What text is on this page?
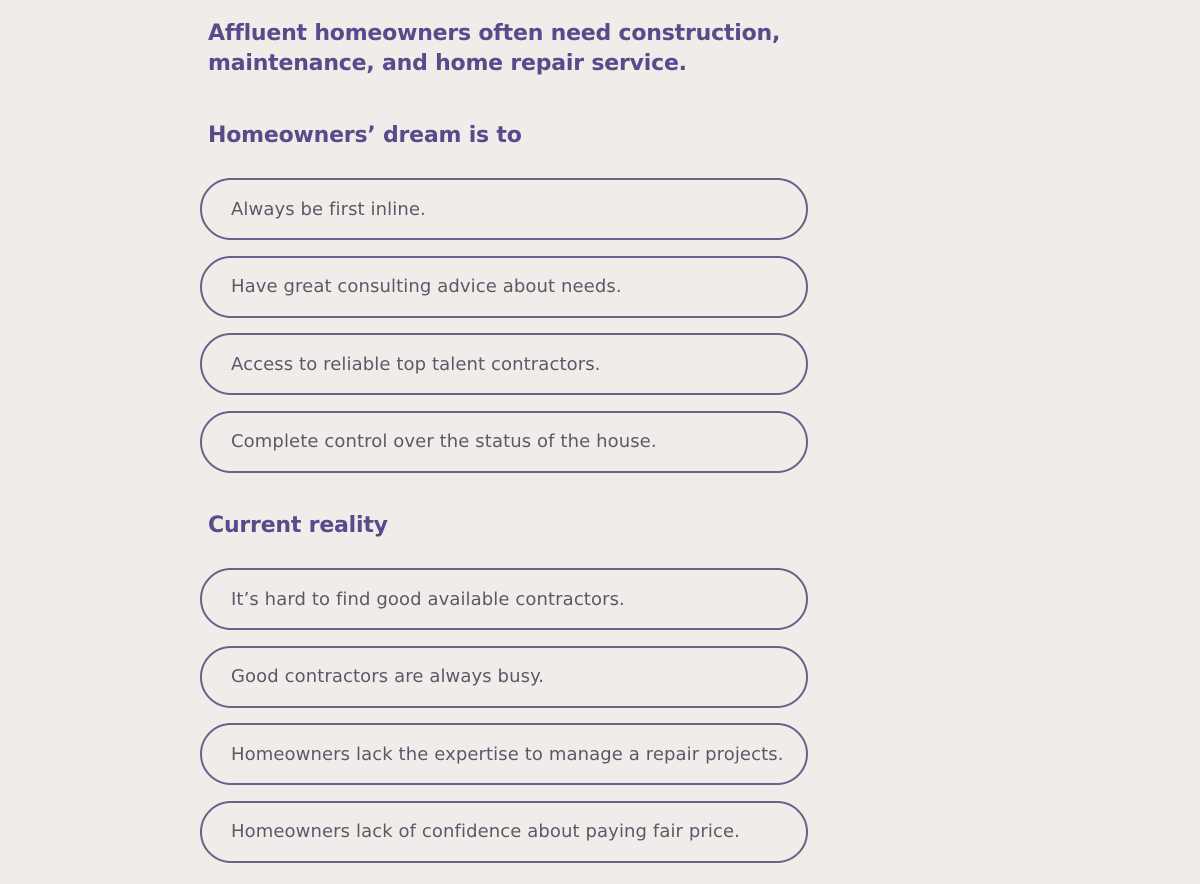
Affluent homeowners often need construction,
maintenance, and home repair service.
Homeowners’ dream is to
Always be first inline.
Have great consulting advice about needs.
Access to reliable top talent contractors.
Complete control over the status of the house.
Current reality
It’s hard to find good available contractors.
Good contractors are always busy.
Homeowners lack the expertise to manage a repair projects.
Homeowners lack of confidence about paying fair price.
